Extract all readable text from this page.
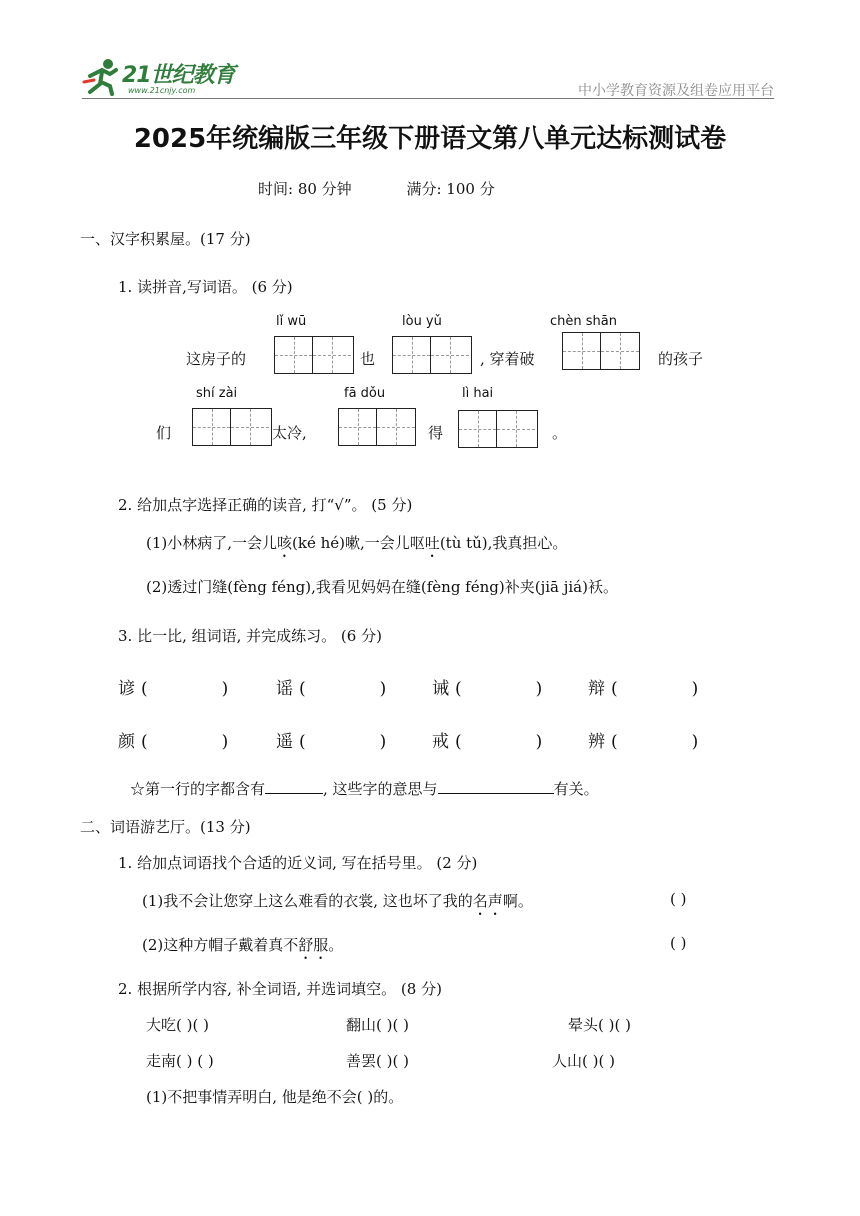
21世纪教育
www.21cnjy.com	中小学教育资源及组卷应用平台
2025年统编版三年级下册语文第八单元达标测试卷
时间: 80 分钟	满分: 100 分
一、汉字积累屋。(17 分)
1. 读拼音,写词语。 (6 分)
lǐ wū
这房子的	也
lòu yǔ
, 穿着破
chèn shān
的孩子
们
shí zài
太冷,
fā dǒu
得
lì hai
。
2. 给加点字选择正确的读音, 打“√”。 (5 分)
(1)小林病了,一会儿咳(ké hé)嗽,一会儿呕吐(tù tǔ),我真担心。
(2)透过门缝(fèng féng),我看见妈妈在缝(fèng féng)补夹(jiā jiá)袄。
3. 比一比, 组词语, 并完成练习。 (6 分)
谚 (	)	谣 (	)	诫 (	)	辩 (	)
颜 (	)	遥 (	)	戒 (	)	辨 (	)
☆第一行的字都含有	, 这些字的意思与	有关。
二、词语游艺厅。(13 分)
1. 给加点词语找个合适的近义词, 写在括号里。 (2 分)
(1)我不会让您穿上这么难看的衣裳, 这也坏了我的名声啊。	( )
(2)这种方帽子戴着真不舒服。	( )
2. 根据所学内容, 补全词语, 并选词填空。 (8 分)
大吃( )( )	翻山( )( )	晕头( )( )
走南( ) ( )	善罢( )( )	人山( )( )
(1)不把事情弄明白, 他是绝不会( )的。
